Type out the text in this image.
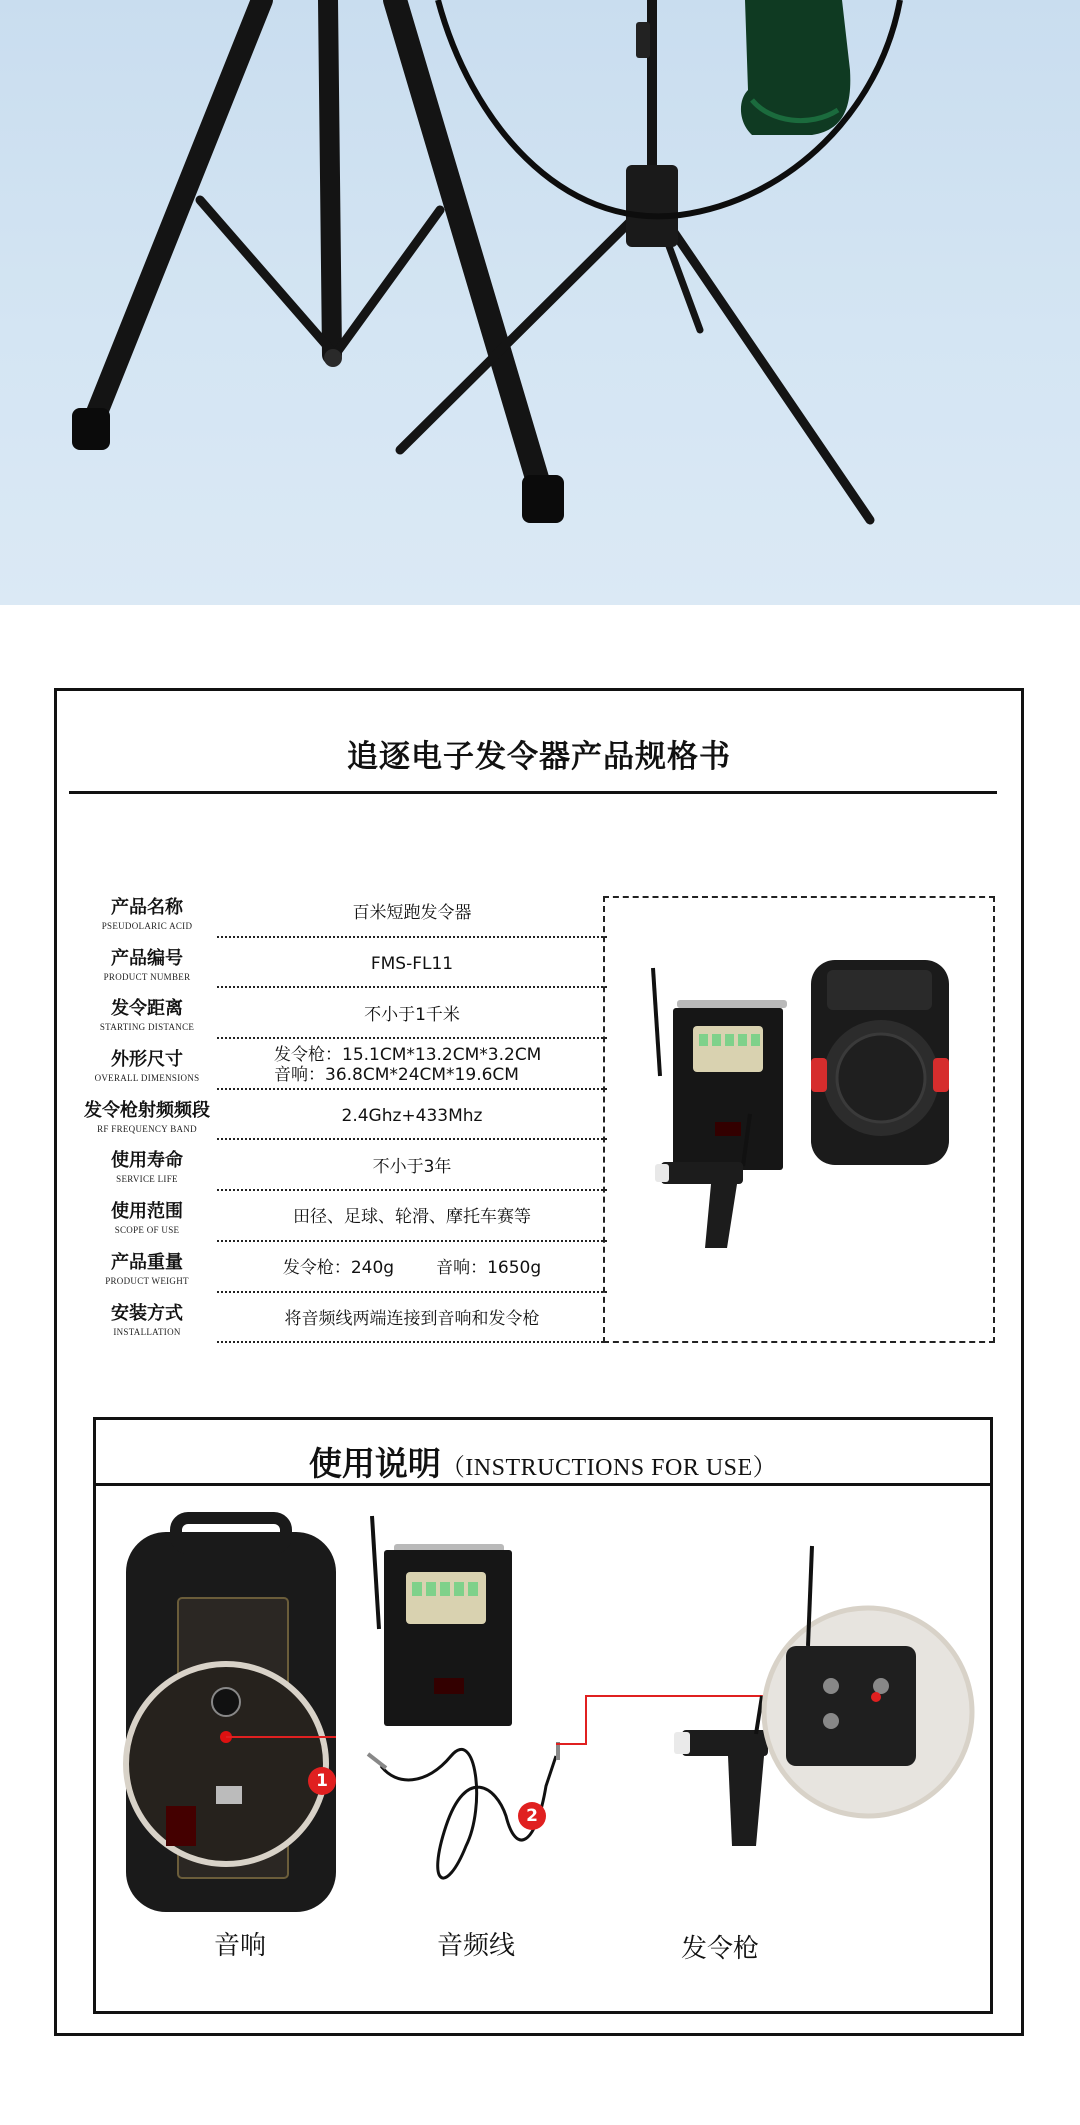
追逐电子发令器产品规格书
产品名称
PSEUDOLARIC ACID
百米短跑发令器
产品编号
PRODUCT NUMBER
FMS-FL11
发令距离
STARTING DISTANCE
不小于1千米
外形尺寸
OVERALL DIMENSIONS
发令枪：15.1CM*13.2CM*3.2CM
音响：36.8CM*24CM*19.6CM
发令枪射频频段
RF FREQUENCY BAND
2.4Ghz+433Mhz
使用寿命
SERVICE LIFE
不小于3年
使用范围
SCOPE OF USE
田径、足球、轮滑、摩托车赛等
产品重量
PRODUCT WEIGHT
发令枪：240g 音响：1650g
安装方式
INSTALLATION
将音频线两端连接到音响和发令枪
使用说明（INSTRUCTIONS FOR USE）
1
2
音响	音频线	发令枪
